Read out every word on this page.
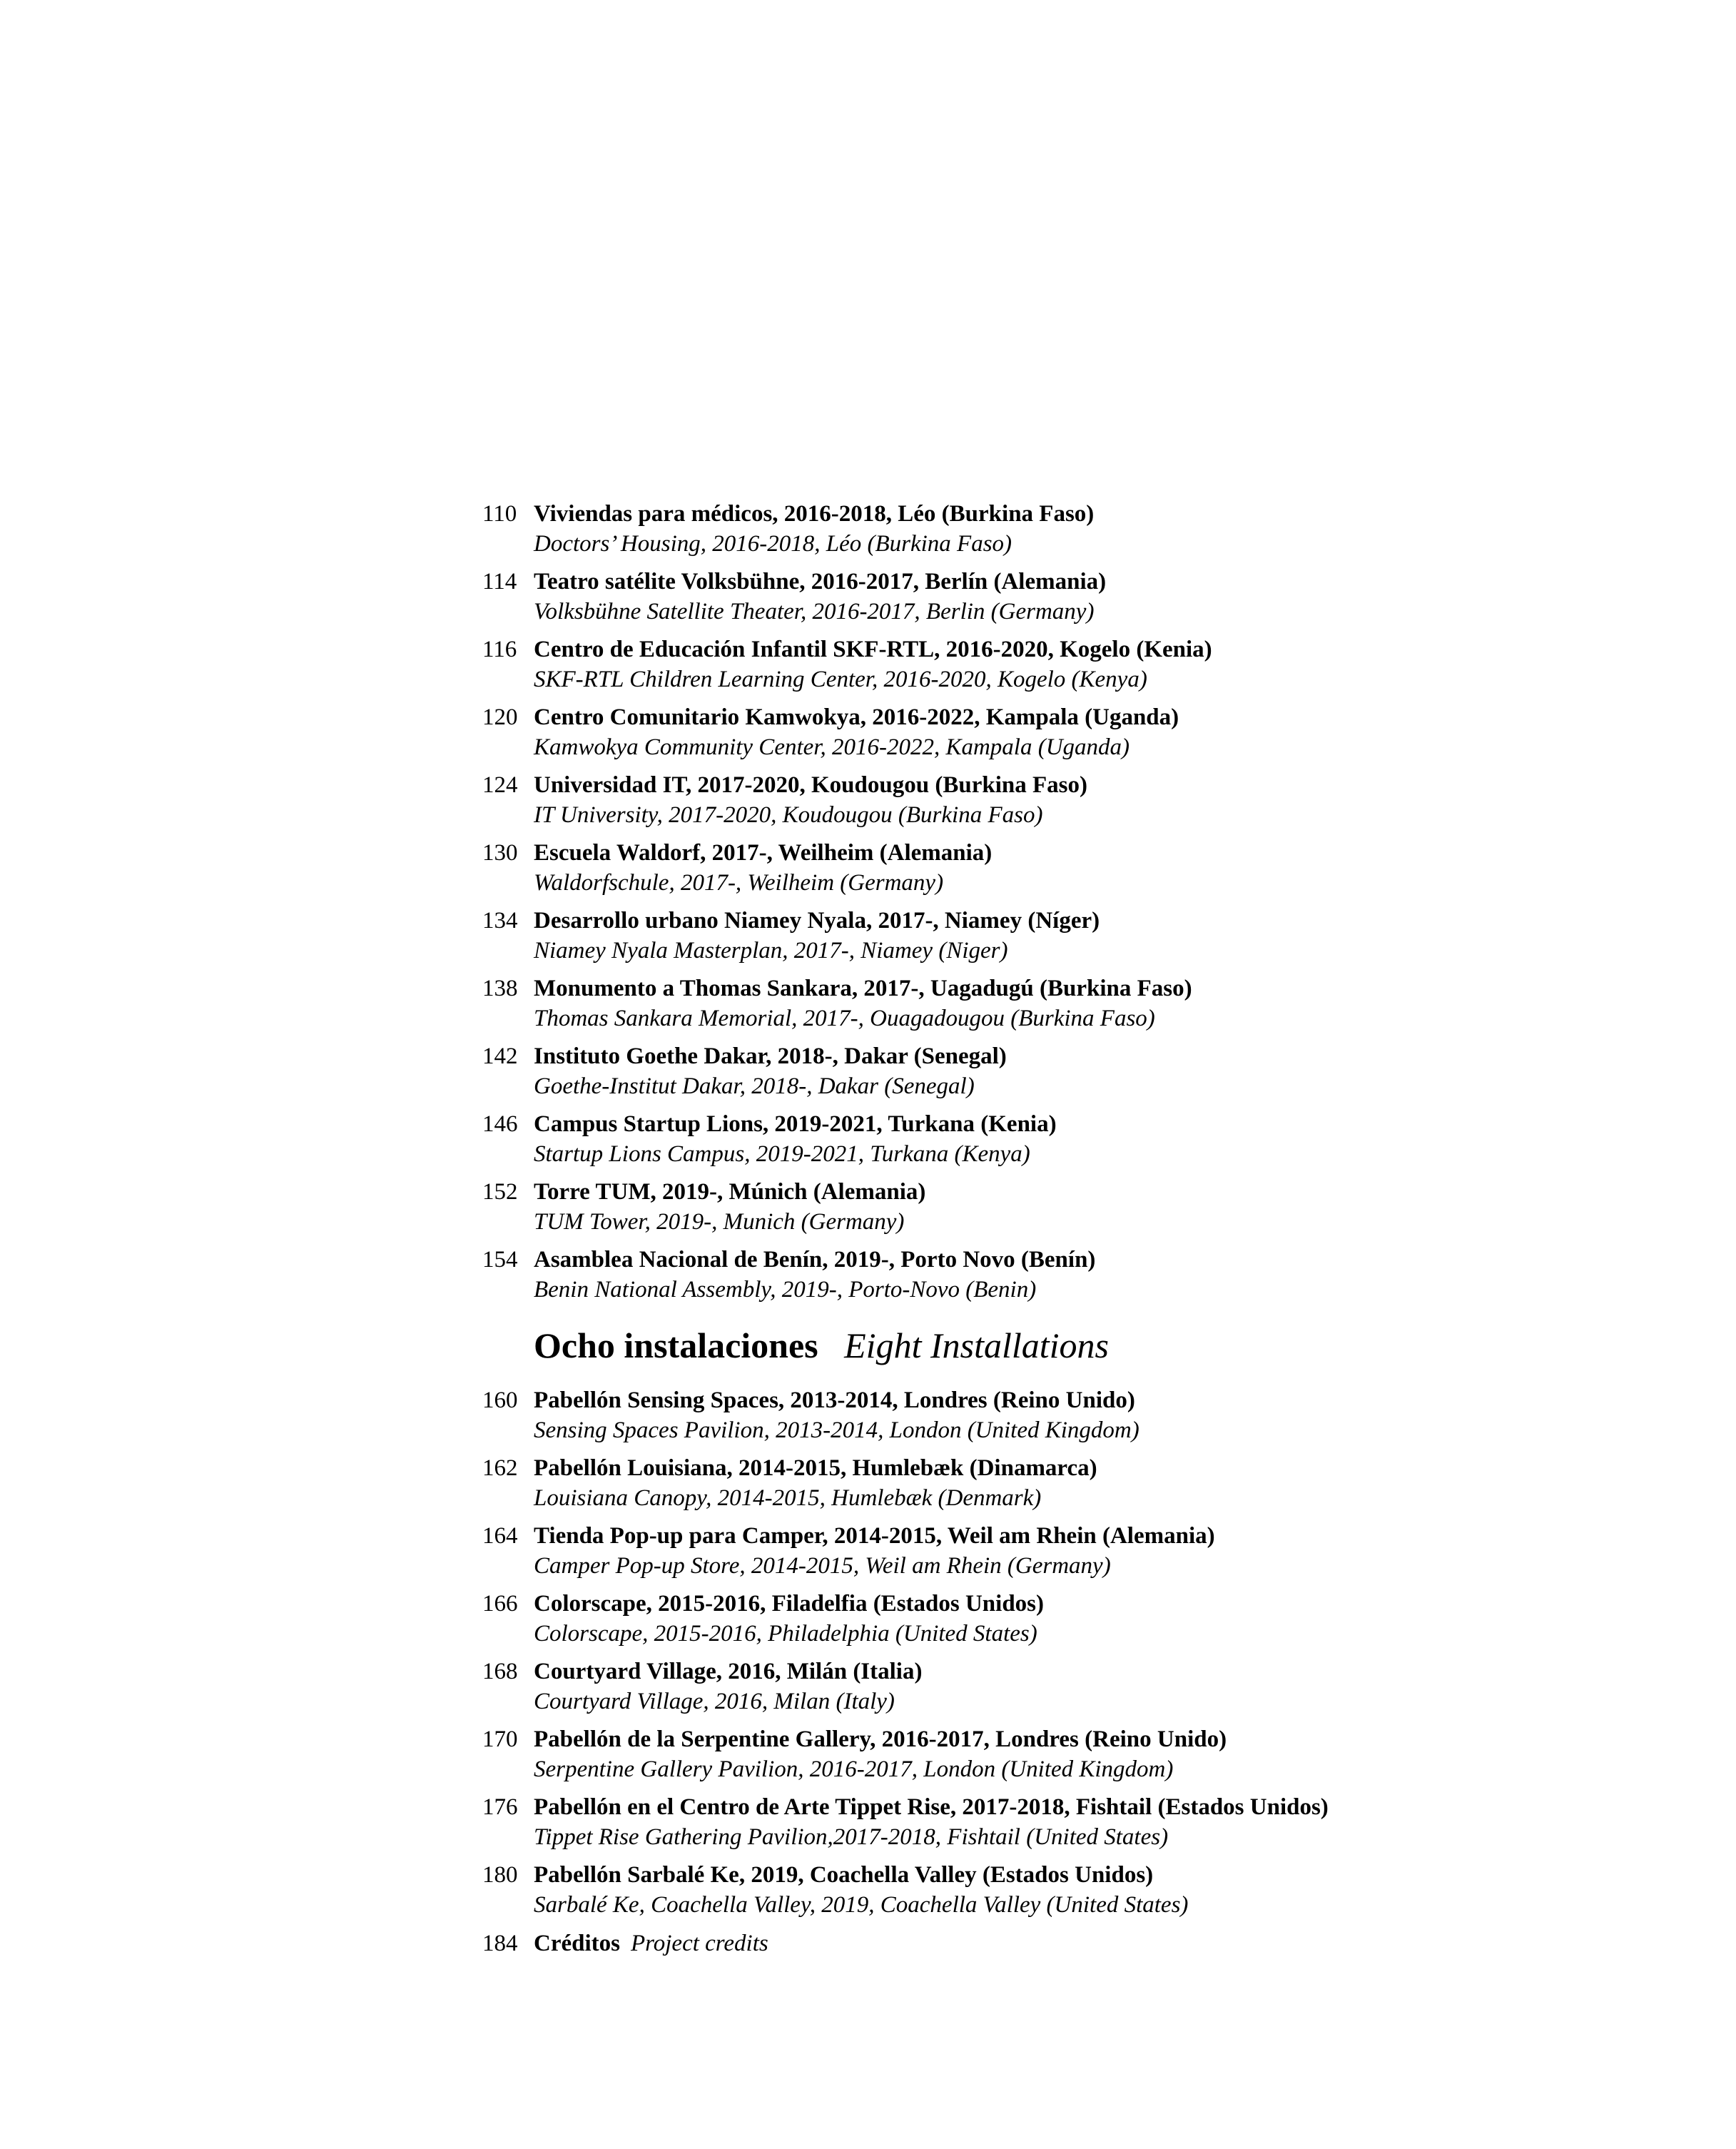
110 Viviendas para médicos, 2016-2018, Léo (Burkina Faso)
Doctors’ Housing, 2016-2018, Léo (Burkina Faso)
114 Teatro satélite Volksbühne, 2016-2017, Berlín (Alemania)
Volksbühne Satellite Theater, 2016-2017, Berlin (Germany)
116 Centro de Educación Infantil SKF-RTL, 2016-2020, Kogelo (Kenia)
SKF-RTL Children Learning Center, 2016-2020, Kogelo (Kenya)
120 Centro Comunitario Kamwokya, 2016-2022, Kampala (Uganda)
Kamwokya Community Center, 2016-2022, Kampala (Uganda)
124 Universidad IT, 2017-2020, Koudougou (Burkina Faso)
IT University, 2017-2020, Koudougou (Burkina Faso)
130 Escuela Waldorf, 2017-, Weilheim (Alemania)
Waldorfschule, 2017-, Weilheim (Germany)
134 Desarrollo urbano Niamey Nyala, 2017-, Niamey (Níger)
Niamey Nyala Masterplan, 2017-, Niamey (Niger)
138 Monumento a Thomas Sankara, 2017-, Uagadugú (Burkina Faso)
Thomas Sankara Memorial, 2017-, Ouagadougou (Burkina Faso)
142 Instituto Goethe Dakar, 2018-, Dakar (Senegal)
Goethe-Institut Dakar, 2018-, Dakar (Senegal)
146 Campus Startup Lions, 2019-2021, Turkana (Kenia)
Startup Lions Campus, 2019-2021, Turkana (Kenya)
152 Torre TUM, 2019-, Múnich (Alemania)
TUM Tower, 2019-, Munich (Germany)
154 Asamblea Nacional de Benín, 2019-, Porto Novo (Benín)
Benin National Assembly, 2019-, Porto-Novo (Benin)
Ocho instalaciones Eight Installations
160 Pabellón Sensing Spaces, 2013-2014, Londres (Reino Unido)
Sensing Spaces Pavilion, 2013-2014, London (United Kingdom)
162 Pabellón Louisiana, 2014-2015, Humlebæk (Dinamarca)
Louisiana Canopy, 2014-2015, Humlebæk (Denmark)
164 Tienda Pop-up para Camper, 2014-2015, Weil am Rhein (Alemania)
Camper Pop-up Store, 2014-2015, Weil am Rhein (Germany)
166 Colorscape, 2015-2016, Filadelfia (Estados Unidos)
Colorscape, 2015-2016, Philadelphia (United States)
168 Courtyard Village, 2016, Milán (Italia)
Courtyard Village, 2016, Milan (Italy)
170 Pabellón de la Serpentine Gallery, 2016-2017, Londres (Reino Unido)
Serpentine Gallery Pavilion, 2016-2017, London (United Kingdom)
176 Pabellón en el Centro de Arte Tippet Rise, 2017-2018, Fishtail (Estados Unidos)
Tippet Rise Gathering Pavilion,2017-2018, Fishtail (United States)
180 Pabellón Sarbalé Ke, 2019, Coachella Valley (Estados Unidos)
Sarbalé Ke, Coachella Valley, 2019, Coachella Valley (United States)
184 Créditos Project credits
